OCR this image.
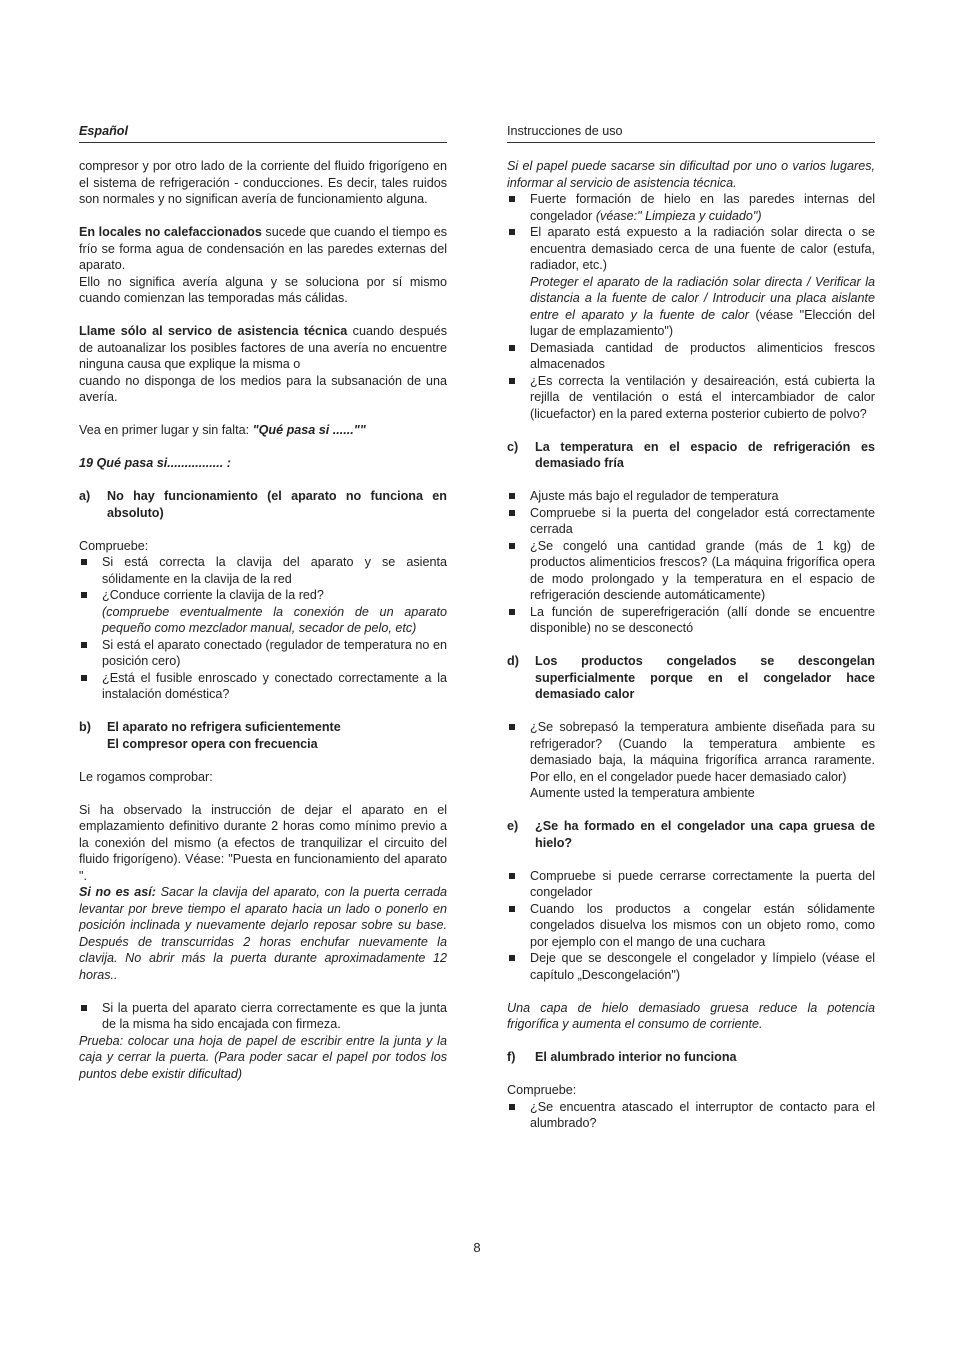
Español	Instrucciones de uso

compresor y por otro lado de la corriente del fluido frigorígeno en el sistema de refrigeración - conducciones. Es decir, tales ruidos son normales y no significan avería de funcionamiento alguna.

En locales no calefaccionados sucede que cuando el tiempo es frío se forma agua de condensación en las paredes externas del aparato.

Ello no significa avería alguna y se soluciona por sí mismo cuando comienzan las temporadas más cálidas.

Llame sólo al servico de asistencia técnica cuando después de autoanalizar los posibles factores de una avería no encuentre ninguna causa que explique la misma o

cuando no disponga de los medios para la subsanación de una avería.

Vea en primer lugar y sin falta: "Qué pasa si ......""

19 Qué pasa si................ :

a)	No hay funcionamiento (el aparato no funciona en absoluto)

Compruebe:

Si está correcta la clavija del aparato y se asienta sólidamente en la clavija de la red
¿Conduce corriente la clavija de la red?
(compruebe eventualmente la conexión de un aparato pequeño como mezclador manual, secador de pelo, etc)
Si está el aparato conectado (regulador de temperatura no en posición cero)
¿Está el fusible enroscado y conectado correctamente a la instalación doméstica?
b)	El aparato no refrigera suficientemente
El compresor opera con frecuencia

Le rogamos comprobar:

Si ha observado la instrucción de dejar el aparato en el emplazamiento definitivo durante 2 horas como mínimo previo a la conexión del mismo (a efectos de tranquilizar el circuito del fluido frigorígeno). Véase: "Puesta en funcionamiento del aparato ".

Si no es así: Sacar la clavija del aparato, con la puerta cerrada levantar por breve tiempo el aparato hacia un lado o ponerlo en posición inclinada y nuevamente dejarlo reposar sobre su base. Después de transcurridas 2 horas enchufar nuevamente la clavija. No abrir más la puerta durante aproximadamente 12 horas..

Si la puerta del aparato cierra correctamente es que la junta de la misma ha sido encajada con firmeza.

Prueba: colocar una hoja de papel de escribir entre la junta y la caja y cerrar la puerta. (Para poder sacar el papel por todos los puntos debe existir dificultad)

Si el papel puede sacarse sin dificultad por uno o varios lugares, informar al servicio de asistencia técnica.

Fuerte formación de hielo en las paredes internas del congelador (véase:" Limpieza y cuidado")
El aparato está expuesto a la radiación solar directa o se encuentra demasiado cerca de una fuente de calor (estufa, radiador, etc.)
Proteger el aparato de la radiación solar directa / Verificar la distancia a la fuente de calor / Introducir una placa aislante entre el aparato y la fuente de calor (véase "Elección del lugar de emplazamiento")
Demasiada cantidad de productos alimenticios frescos almacenados
¿Es correcta la ventilación y desaireación, está cubierta la rejilla de ventilación o está el intercambiador de calor (licuefactor) en la pared externa posterior cubierto de polvo?
c)	La temperatura en el espacio de refrigeración es demasiado fría
Ajuste más bajo el regulador de temperatura
Compruebe si la puerta del congelador está correctamente cerrada
¿Se congeló una cantidad grande (más de 1 kg) de productos alimenticios frescos? (La máquina frigorífica opera de modo prolongado y la temperatura en el espacio de refrigeración desciende automáticamente)
La función de superefrigeración (allí donde se encuentre disponible) no se desconectó
d)	Los productos congelados se descongelan superficialmente porque en el congelador hace demasiado calor
¿Se sobrepasó la temperatura ambiente diseñada para su refrigerador? (Cuando la temperatura ambiente es demasiado baja, la máquina frigorífica arranca raramente. Por ello, en el congelador puede hacer demasiado calor)
Aumente usted la temperatura ambiente
e)	¿Se ha formado en el congelador una capa gruesa de hielo?
Compruebe si puede cerrarse correctamente la puerta del congelador
Cuando los productos a congelar están sólidamente congelados disuelva los mismos con un objeto romo, como por ejemplo con el mango de una cuchara
Deje que se descongele el congelador y límpielo (véase el capítulo „Descongelación")

Una capa de hielo demasiado gruesa reduce la potencia frigorífica y aumenta el consumo de corriente.

f)	El alumbrado interior no funciona

Compruebe:

¿Se encuentra atascado el interruptor de contacto para el alumbrado?
8
